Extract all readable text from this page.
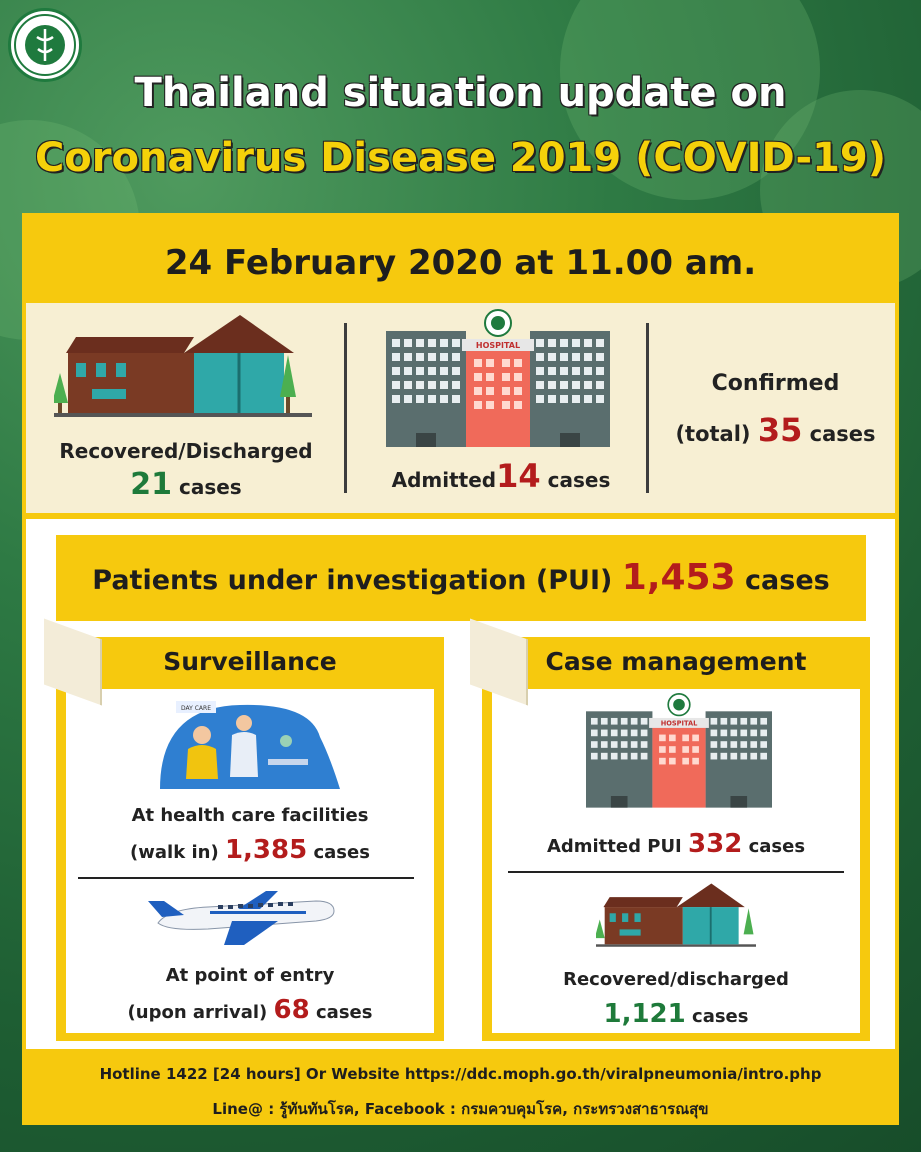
Thailand situation update on
Coronavirus Disease 2019 (COVID-19)
24 February 2020 at 11.00 am.
Recovered/Discharged
21 cases
HOSPITAL
Admitted14 cases
Confirmed
(total) 35 cases
Patients under investigation (PUI) 1,453 cases
Surveillance
DAY CARE
At health care facilities
(walk in) 1,385 cases
At point of entry
(upon arrival) 68 cases
Case management
HOSPITAL
Admitted PUI 332 cases
Recovered/discharged
1,121 cases
Hotline 1422 [24 hours] Or Website https://ddc.moph.go.th/viralpneumonia/intro.php
Line@ : รู้ทันทันโรค, Facebook : กรมควบคุมโรค, กระทรวงสาธารณสุข
